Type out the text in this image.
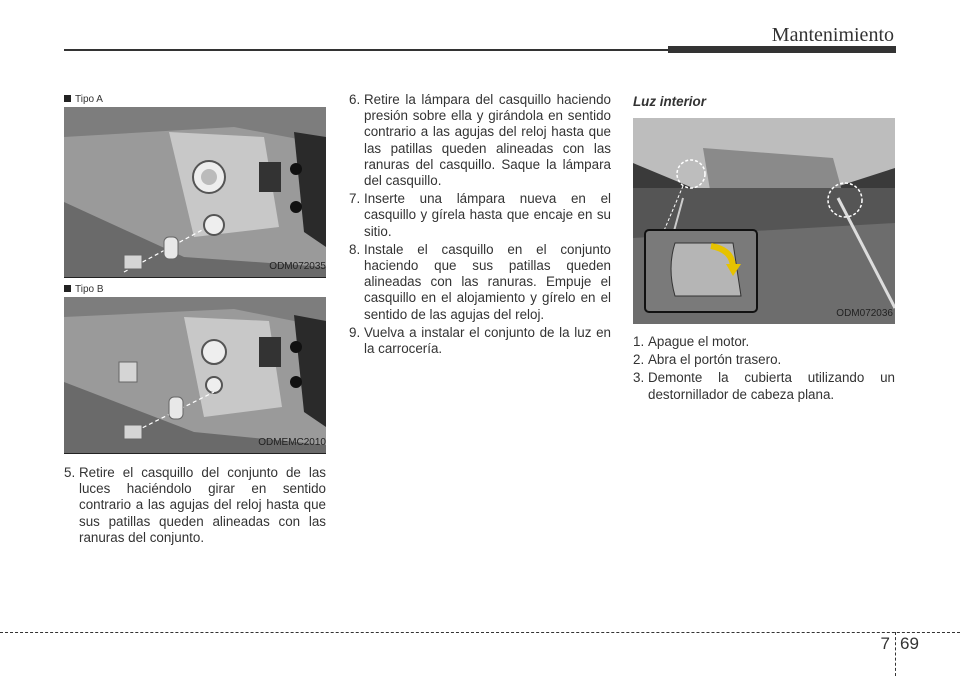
Mantenimiento
Tipo A
ODM072035
Tipo B
ODMEMC2010
5. Retire el casquillo del conjunto de las luces haciéndolo girar en sentido contrario a las agujas del reloj hasta que sus patillas queden alineadas con las ranuras del conjunto.
6. Retire la lámpara del casquillo haciendo presión sobre ella y girándola en sentido contrario a las agujas del reloj hasta que las patillas queden alineadas con las ranuras del casquillo. Saque la lámpara del casquillo.
7. Inserte una lámpara nueva en el casquillo y gírela hasta que encaje en su sitio.
8. Instale el casquillo en el conjunto haciendo que sus patillas queden alineadas con las ranuras. Empuje el casquillo en el alojamiento y gírelo en el sentido de las agujas del reloj.
9. Vuelva a instalar el conjunto de la luz en la carrocería.
Luz interior
ODM072036
1. Apague el motor.
2. Abra el portón trasero.
3. Demonte la cubierta utilizando un destornillador de cabeza plana.
7 69
